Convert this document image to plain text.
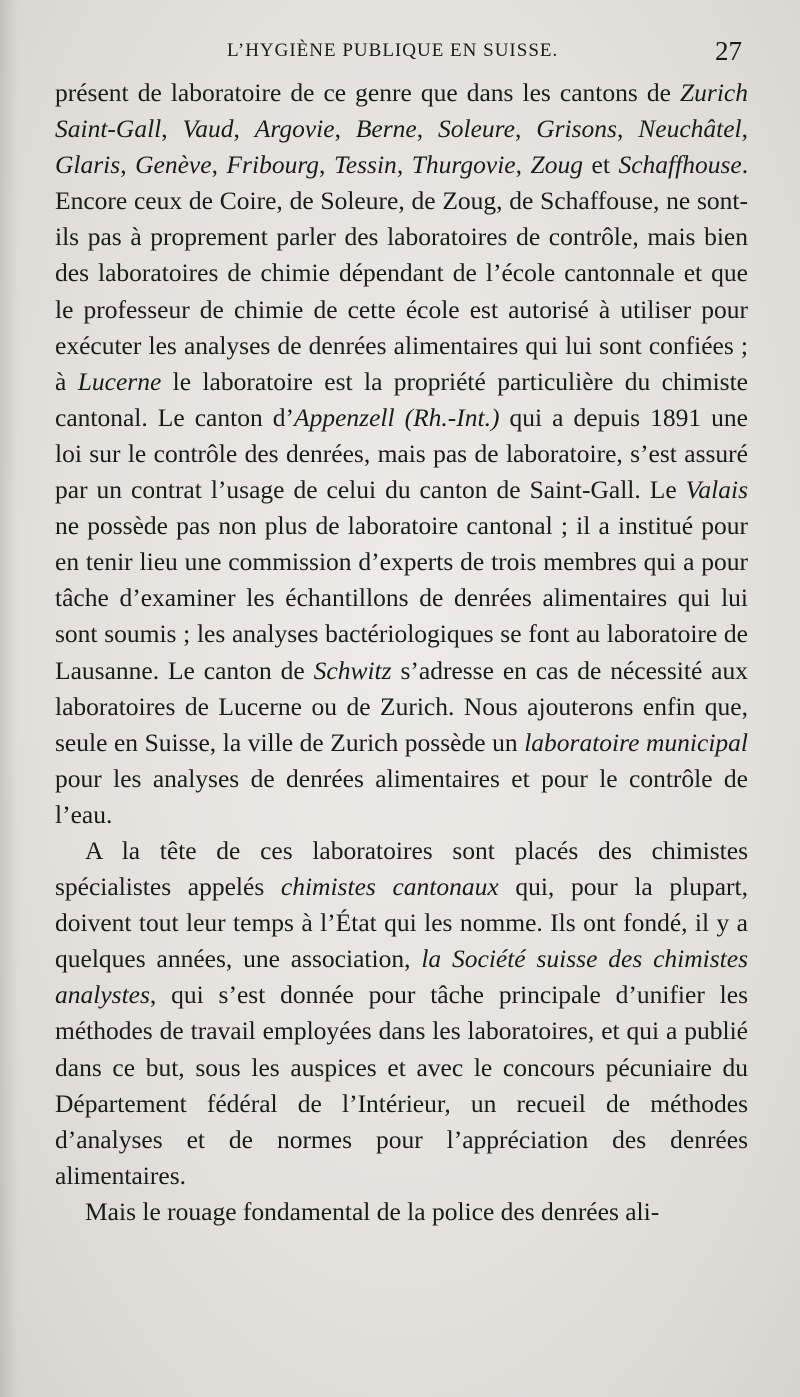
L’HYGIÈNE PUBLIQUE EN SUISSE.	27

présent de laboratoire de ce genre que dans les cantons de Zurich Saint-Gall, Vaud, Argovie, Berne, Soleure, Grisons, Neuchâtel, Glaris, Genève, Fribourg, Tessin, Thurgovie, Zoug et Schaffhouse. Encore ceux de Coire, de Soleure, de Zoug, de Schaffouse, ne sont-ils pas à proprement parler des laboratoires de contrôle, mais bien des laboratoires de chimie dépendant de l’école cantonnale et que le professeur de chimie de cette école est autorisé à utiliser pour exécuter les analyses de denrées alimentaires qui lui sont confiées ; à Lucerne le laboratoire est la propriété particulière du chimiste cantonal. Le canton d’Appenzell (Rh.-Int.) qui a depuis 1891 une loi sur le contrôle des denrées, mais pas de laboratoire, s’est assuré par un contrat l’usage de celui du canton de Saint-Gall. Le Valais ne possède pas non plus de laboratoire cantonal ; il a institué pour en tenir lieu une commission d’experts de trois membres qui a pour tâche d’examiner les échantillons de denrées alimentaires qui lui sont soumis ; les analyses bactériologiques se font au laboratoire de Lausanne. Le canton de Schwitz s’adresse en cas de nécessité aux laboratoires de Lucerne ou de Zurich. Nous ajouterons enfin que, seule en Suisse, la ville de Zurich possède un laboratoire municipal pour les analyses de denrées alimentaires et pour le contrôle de l’eau.

A la tête de ces laboratoires sont placés des chimistes spécialistes appelés chimistes cantonaux qui, pour la plupart, doivent tout leur temps à l’État qui les nomme. Ils ont fondé, il y a quelques années, une association, la Société suisse des chimistes analystes, qui s’est donnée pour tâche principale d’unifier les méthodes de travail employées dans les laboratoires, et qui a publié dans ce but, sous les auspices et avec le concours pécuniaire du Département fédéral de l’Intérieur, un recueil de méthodes d’analyses et de normes pour l’appréciation des denrées alimentaires.

Mais le rouage fondamental de la police des denrées ali-
